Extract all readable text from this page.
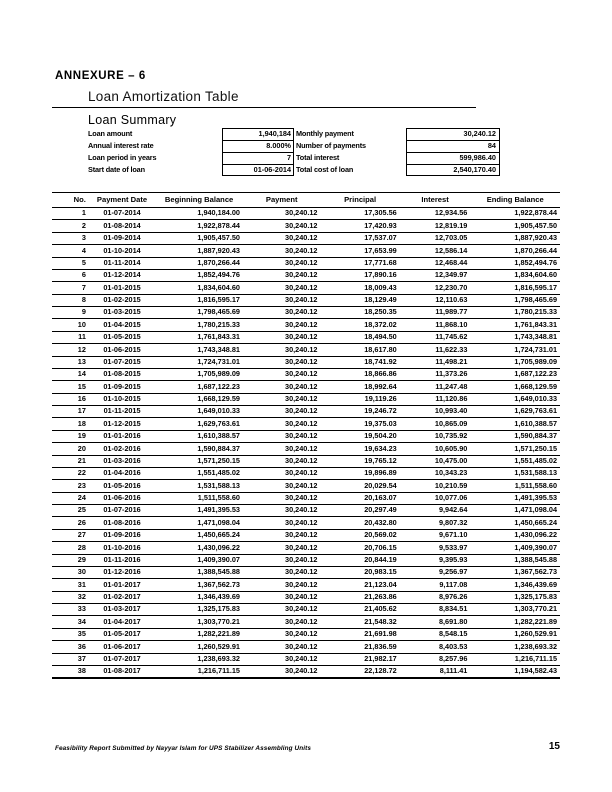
ANNEXURE – 6
Loan Amortization Table
Loan Summary
Loan amount	1,940,184 Monthly payment	30,240.12
Annual interest rate	8.000% Number of payments	84
Loan period in years	7 Total interest	599,986.40
Start date of loan	01-06-2014 Total cost of loan	2,540,170.40
No.	Payment Date	Beginning Balance	Payment	Principal	Interest	Ending Balance
1	01-07-2014	1,940,184.00	30,240.12	17,305.56	12,934.56	1,922,878.44
2	01-08-2014	1,922,878.44	30,240.12	17,420.93	12,819.19	1,905,457.50
3	01-09-2014	1,905,457.50	30,240.12	17,537.07	12,703.05	1,887,920.43
4	01-10-2014	1,887,920.43	30,240.12	17,653.99	12,586.14	1,870,266.44
5	01-11-2014	1,870,266.44	30,240.12	17,771.68	12,468.44	1,852,494.76
6	01-12-2014	1,852,494.76	30,240.12	17,890.16	12,349.97	1,834,604.60
7	01-01-2015	1,834,604.60	30,240.12	18,009.43	12,230.70	1,816,595.17
8	01-02-2015	1,816,595.17	30,240.12	18,129.49	12,110.63	1,798,465.69
9	01-03-2015	1,798,465.69	30,240.12	18,250.35	11,989.77	1,780,215.33
10	01-04-2015	1,780,215.33	30,240.12	18,372.02	11,868.10	1,761,843.31
11	01-05-2015	1,761,843.31	30,240.12	18,494.50	11,745.62	1,743,348.81
12	01-06-2015	1,743,348.81	30,240.12	18,617.80	11,622.33	1,724,731.01
13	01-07-2015	1,724,731.01	30,240.12	18,741.92	11,498.21	1,705,989.09
14	01-08-2015	1,705,989.09	30,240.12	18,866.86	11,373.26	1,687,122.23
15	01-09-2015	1,687,122.23	30,240.12	18,992.64	11,247.48	1,668,129.59
16	01-10-2015	1,668,129.59	30,240.12	19,119.26	11,120.86	1,649,010.33
17	01-11-2015	1,649,010.33	30,240.12	19,246.72	10,993.40	1,629,763.61
18	01-12-2015	1,629,763.61	30,240.12	19,375.03	10,865.09	1,610,388.57
19	01-01-2016	1,610,388.57	30,240.12	19,504.20	10,735.92	1,590,884.37
20	01-02-2016	1,590,884.37	30,240.12	19,634.23	10,605.90	1,571,250.15
21	01-03-2016	1,571,250.15	30,240.12	19,765.12	10,475.00	1,551,485.02
22	01-04-2016	1,551,485.02	30,240.12	19,896.89	10,343.23	1,531,588.13
23	01-05-2016	1,531,588.13	30,240.12	20,029.54	10,210.59	1,511,558.60
24	01-06-2016	1,511,558.60	30,240.12	20,163.07	10,077.06	1,491,395.53
25	01-07-2016	1,491,395.53	30,240.12	20,297.49	9,942.64	1,471,098.04
26	01-08-2016	1,471,098.04	30,240.12	20,432.80	9,807.32	1,450,665.24
27	01-09-2016	1,450,665.24	30,240.12	20,569.02	9,671.10	1,430,096.22
28	01-10-2016	1,430,096.22	30,240.12	20,706.15	9,533.97	1,409,390.07
29	01-11-2016	1,409,390.07	30,240.12	20,844.19	9,395.93	1,388,545.88
30	01-12-2016	1,388,545.88	30,240.12	20,983.15	9,256.97	1,367,562.73
31	01-01-2017	1,367,562.73	30,240.12	21,123.04	9,117.08	1,346,439.69
32	01-02-2017	1,346,439.69	30,240.12	21,263.86	8,976.26	1,325,175.83
33	01-03-2017	1,325,175.83	30,240.12	21,405.62	8,834.51	1,303,770.21
34	01-04-2017	1,303,770.21	30,240.12	21,548.32	8,691.80	1,282,221.89
35	01-05-2017	1,282,221.89	30,240.12	21,691.98	8,548.15	1,260,529.91
36	01-06-2017	1,260,529.91	30,240.12	21,836.59	8,403.53	1,238,693.32
37	01-07-2017	1,238,693.32	30,240.12	21,982.17	8,257.96	1,216,711.15
38	01-08-2017	1,216,711.15	30,240.12	22,128.72	8,111.41	1,194,582.43
Feasibility Report Submitted by Nayyar Islam for UPS Stabilizer Assembling Units	15
